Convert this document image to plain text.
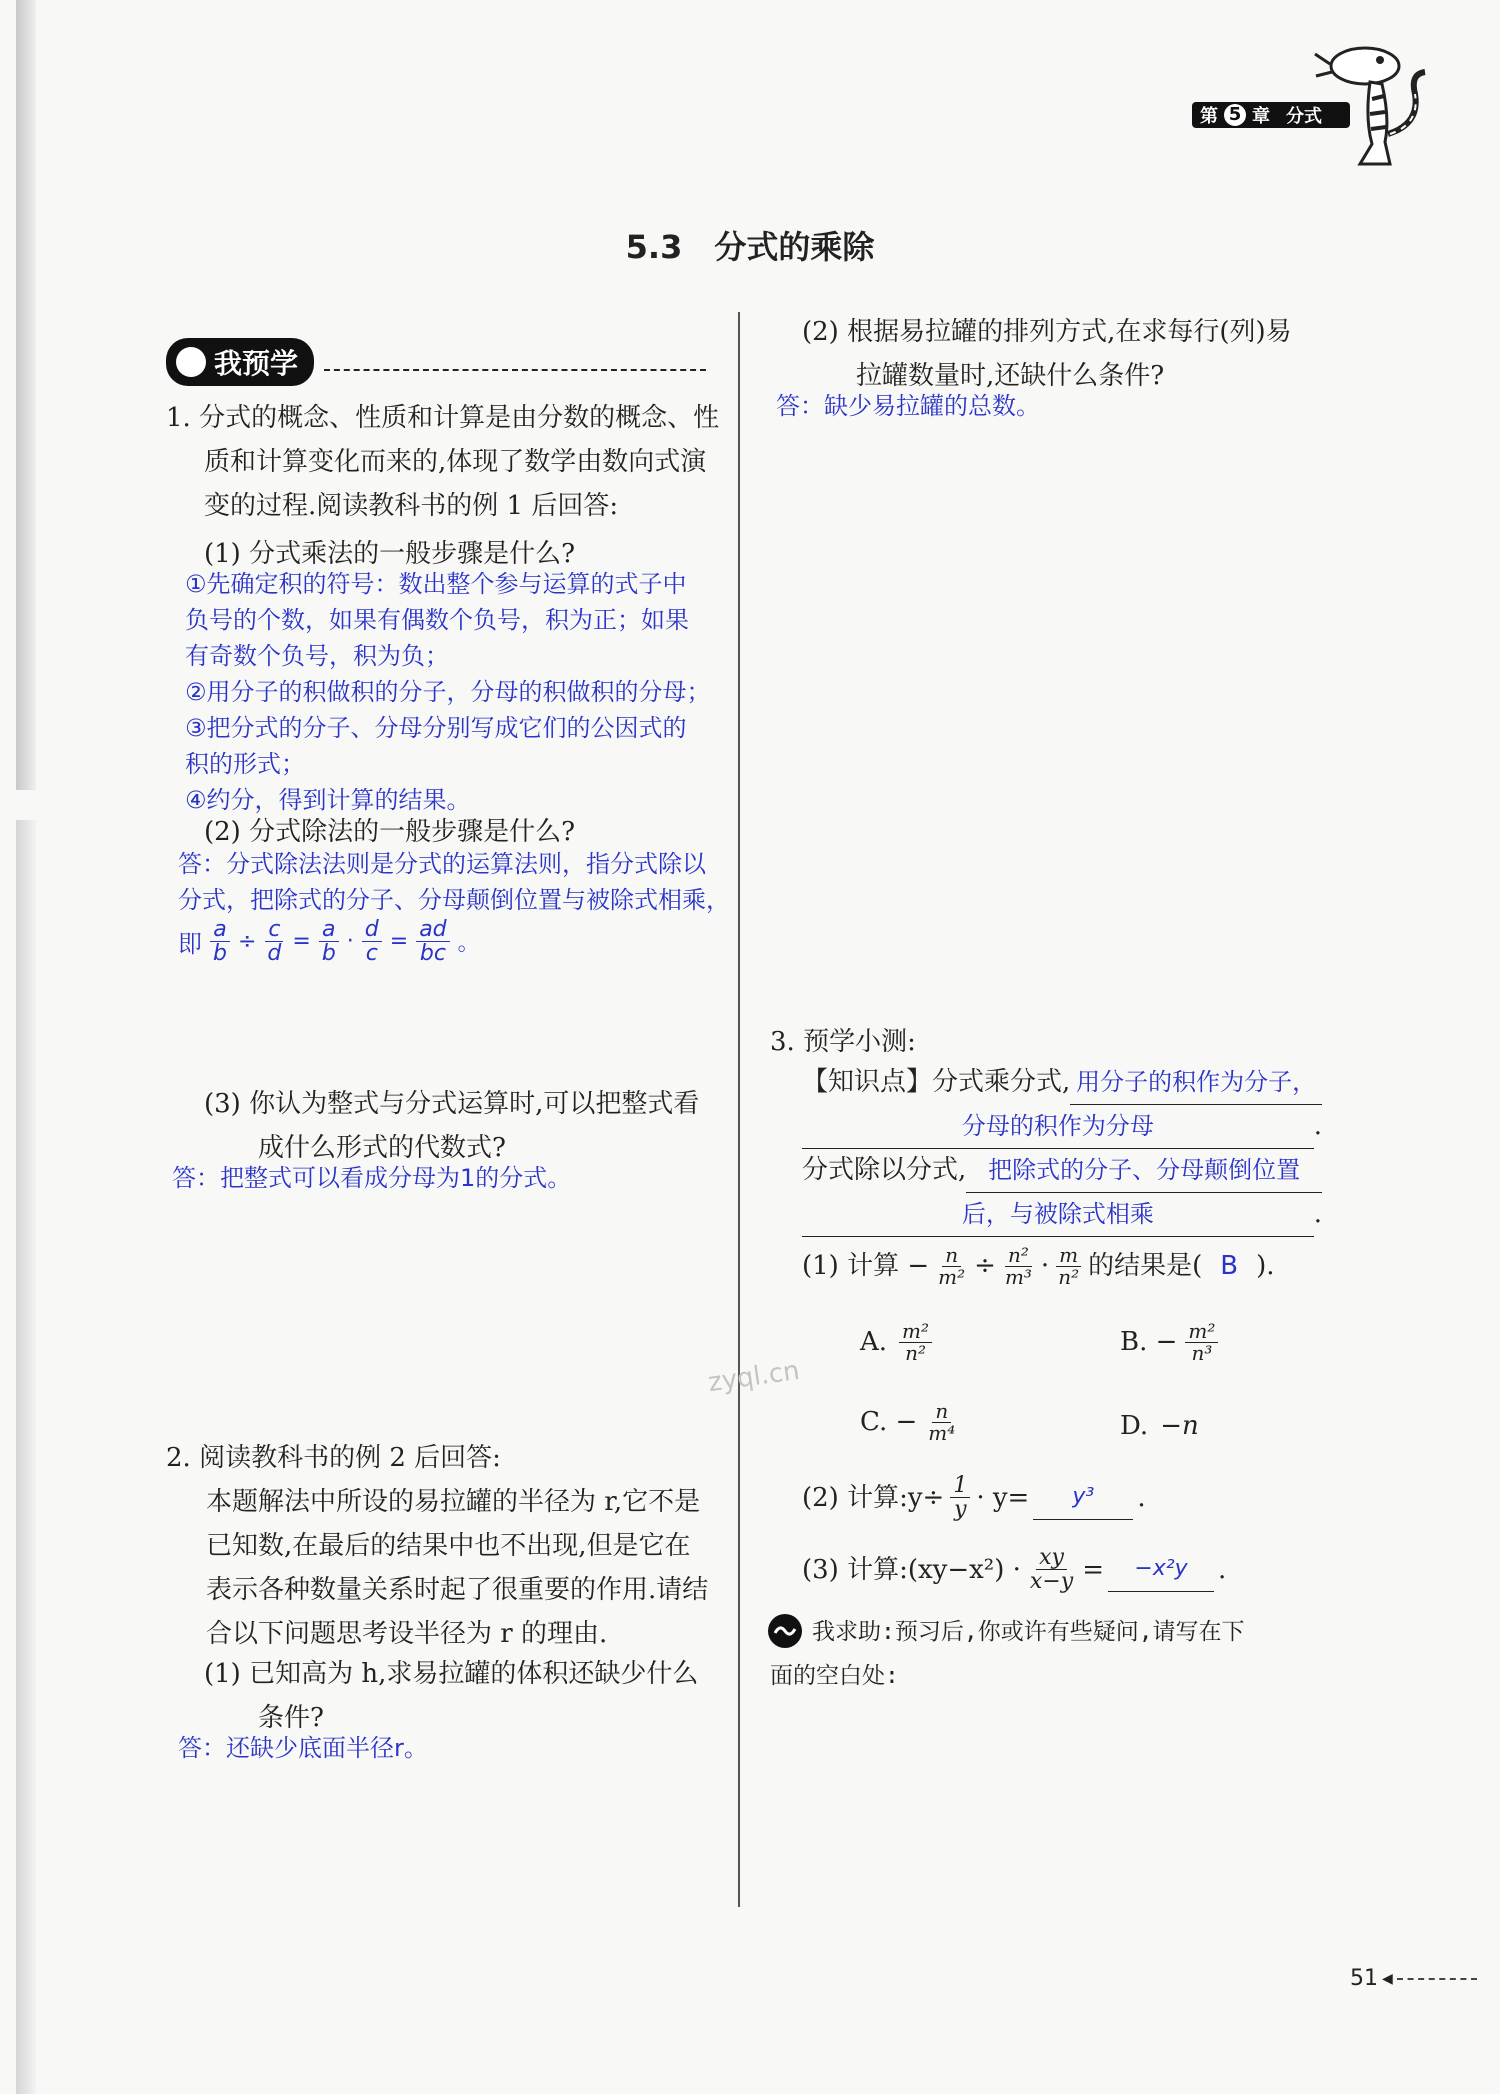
第 5 章 分式
5.3　分式的乘除
我预学
1. 分式的概念、性质和计算是由分数的概念、性
质和计算变化而来的,体现了数学由数向式演
变的过程.阅读教科书的例 1 后回答:
(1) 分式乘法的一般步骤是什么?
①先确定积的符号：数出整个参与运算的式子中
负号的个数，如果有偶数个负号，积为正；如果
有奇数个负号，积为负；
②用分子的积做积的分子，分母的积做积的分母；
③把分式的分子、分母分别写成它们的公因式的
积的形式；
④约分，得到计算的结果。
(2) 分式除法的一般步骤是什么?
答：分式除法法则是分式的运算法则，指分式除以
分式，把除式的分子、分母颠倒位置与被除式相乘，
即 $\frac{a}{b} \div \frac{c}{d} = \frac{a}{b} \cdot \frac{d}{c} = \frac{ad}{bc}$ 。
(3) 你认为整式与分式运算时,可以把整式看
成什么形式的代数式?
答：把整式可以看成分母为1的分式。
zyql.cn
2. 阅读教科书的例 2 后回答:
本题解法中所设的易拉罐的半径为 r,它不是
已知数,在最后的结果中也不出现,但是它在
表示各种数量关系时起了很重要的作用.请结
合以下问题思考设半径为 r 的理由.
(1) 已知高为 h,求易拉罐的体积还缺少什么
条件?
答：还缺少底面半径r。
(2) 根据易拉罐的排列方式,在求每行(列)易
拉罐数量时,还缺什么条件?
答：缺少易拉罐的总数。
3. 预学小测:
【知识点】分式乘分式, 用分子的积作为分子，
分母的积作为分母	.
分式除以分式, 把除式的分子、分母颠倒位置
后，与被除式相乘	.
(1) 计算 − $\frac{n}{\text{m²}} \div \frac{\text{n²}}{\text{m³}} \cdot \frac{m}{\text{n²}}$ 的结果是( B ).
A. $\frac{\text{m²}}{\text{n²}}$	B. − $\frac{\text{m²}}{\text{n³}}$
C. − $\frac{n}{\text{m⁴}}$	D. −n
(2) 计算:y÷ $\frac{1}{y} \cdot y=$	y³	.
(3) 计算:(xy−x²) · $\frac{xy}{x-y}$ =	−x²y	.
我求助:预习后,你或许有些疑问,请写在下
面的空白处:
51 ◀
